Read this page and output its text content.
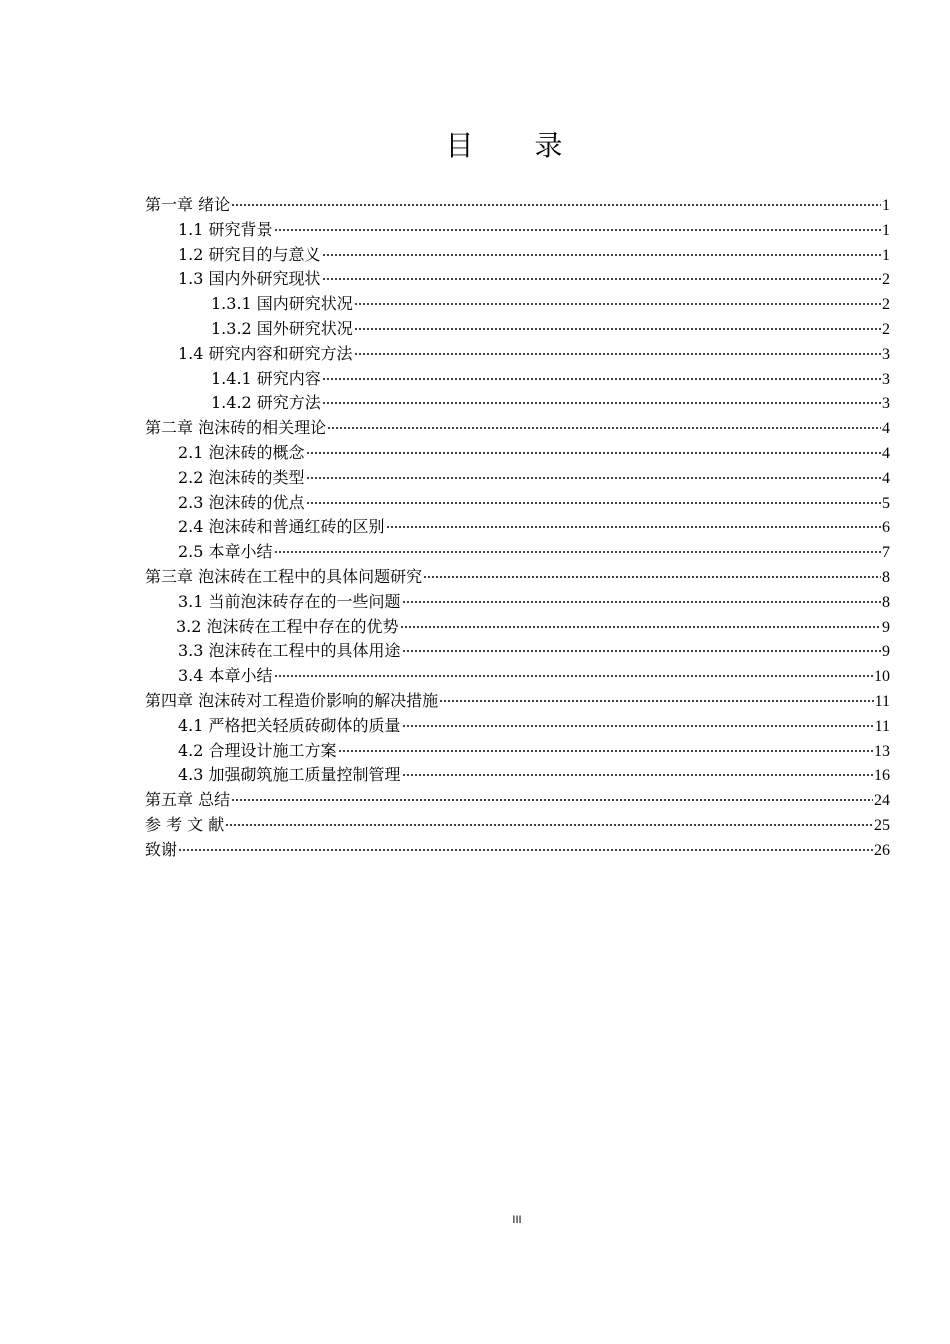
目 录
第一章 绪论	1
1.1 研究背景	1
1.2 研究目的与意义	1
1.3 国内外研究现状	2
1.3.1 国内研究状况	2
1.3.2 国外研究状况	2
1.4 研究内容和研究方法	3
1.4.1 研究内容	3
1.4.2 研究方法	3
第二章 泡沫砖的相关理论	4
2.1 泡沫砖的概念	4
2.2 泡沫砖的类型	4
2.3 泡沫砖的优点	5
2.4 泡沫砖和普通红砖的区别	6
2.5 本章小结	7
第三章 泡沫砖在工程中的具体问题研究	8
3.1 当前泡沫砖存在的一些问题	8
3.2 泡沫砖在工程中存在的优势	9
3.3 泡沫砖在工程中的具体用途	9
3.4 本章小结	10
第四章 泡沫砖对工程造价影响的解决措施	11
4.1 严格把关轻质砖砌体的质量	11
4.2 合理设计施工方案	13
4.3 加强砌筑施工质量控制管理	16
第五章 总结	24
参 考 文 献	25
致谢	26
III
